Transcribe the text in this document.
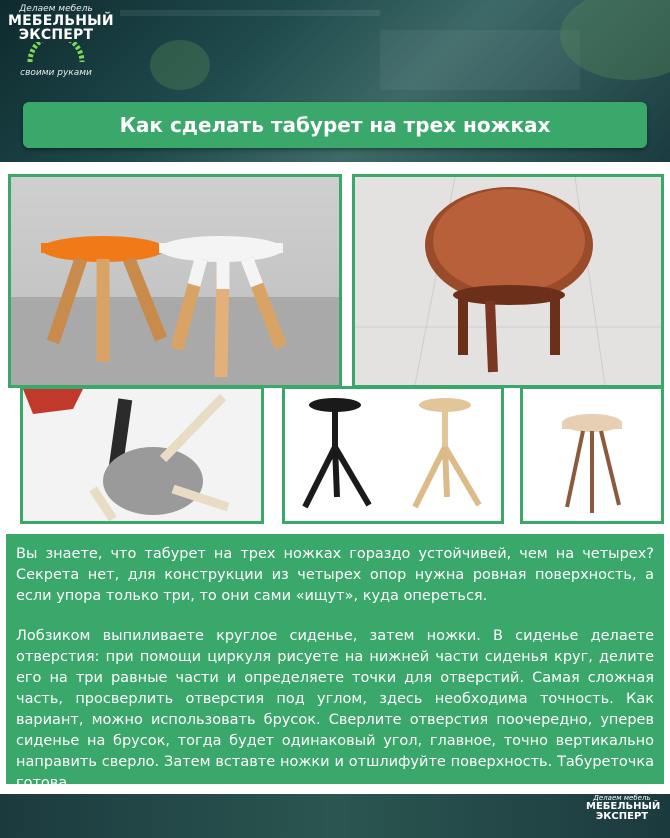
Делаем мебель
МЕБЕЛЬНЫЙ
ЭКСПЕРТ
своими руками
Как сделать табурет на трех ножках

Вы знаете, что табурет на трех ножках гораздо устойчивей, чем на четырех? Секрета нет, для конструкции из четырех опор нужна ровная поверхность, а если упора только три, то они сами «ищут», куда опереться.

Лобзиком выпиливаете круглое сиденье, затем ножки. В сиденье делаете отверстия: при помощи циркуля рисуете на нижней части сиденья круг, делите его на три равные части и определяете точки для отверстий. Самая сложная часть, просверлить отверстия под углом, здесь необходима точность. Как вариант, можно использовать брусок. Сверлите отверстия поочередно, уперев сиденье на брусок, тогда будет одинаковый угол, главное, точно вертикально направить сверло. Затем вставте ножки и отшлифуйте поверхность. Табуреточка готова.

Делаем мебель
МЕБЕЛЬНЫЙ
ЭКСПЕРТ
